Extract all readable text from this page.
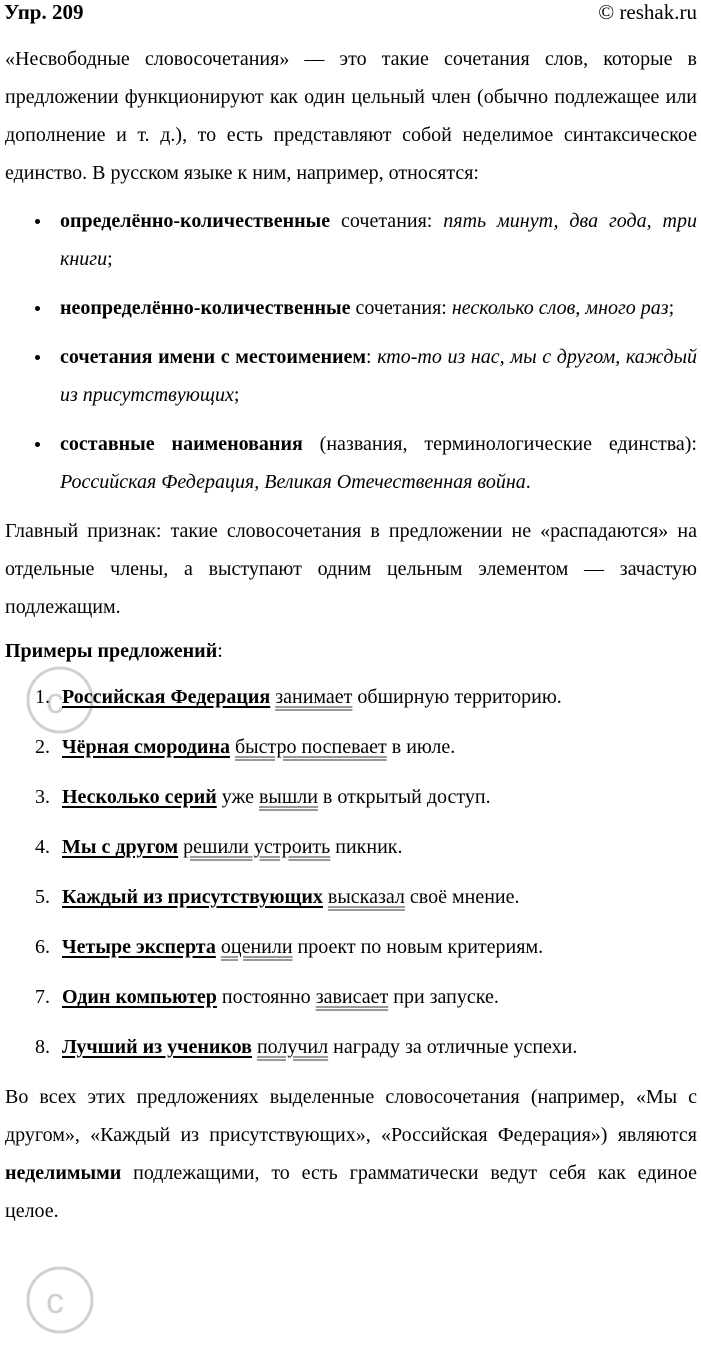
Упр. 209	© reshak.ru

«Несвободные словосочетания» — это такие сочетания слов, которые в предложении функционируют как один цельный член (обычно подлежащее или дополнение и т. д.), то есть представляют собой неделимое синтаксическое единство. В русском языке к ним, например, относятся:

определённо-количественные сочетания: пять минут, два года, три книги;
неопределённо-количественные сочетания: несколько слов, много раз;
сочетания имени с местоимением: кто-то из нас, мы с другом, каждый из присутствующих;
составные наименования (названия, терминологические единства): Российская Федерация, Великая Отечественная война.

Главный признак: такие словосочетания в предложении не «распадаются» на отдельные члены, а выступают одним цельным элементом — зачастую подлежащим.

Примеры предложений:

1. Российская Федерация занимает обширную территорию.
2. Чёрная смородина быстро поспевает в июле.
3. Несколько серий уже вышли в открытый доступ.
4. Мы с другом решили устроить пикник.
5. Каждый из присутствующих высказал своё мнение.
6. Четыре эксперта оценили проект по новым критериям.
7. Один компьютер постоянно зависает при запуске.
8. Лучший из учеников получил награду за отличные успехи.

Во всех этих предложениях выделенные словосочетания (например, «Мы с другом», «Каждый из присутствующих», «Российская Федерация») являются неделимыми подлежащими, то есть грамматически ведут себя как единое целое.

c
c
